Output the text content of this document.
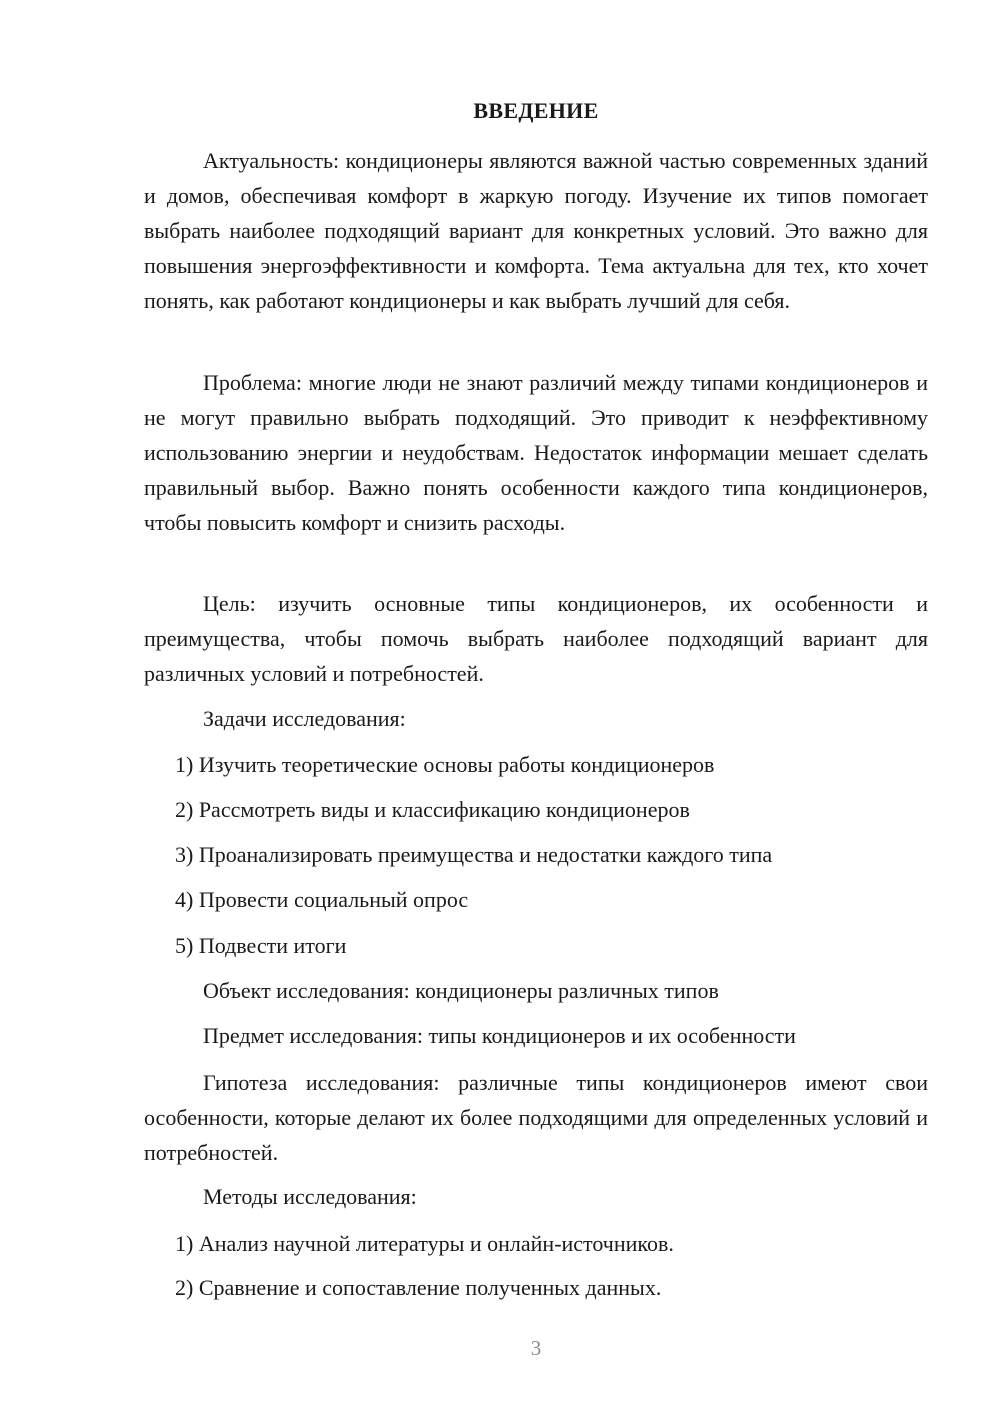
ВВЕДЕНИЕ

Актуальность: кондиционеры являются важной частью современных зданий и домов, обеспечивая комфорт в жаркую погоду. Изучение их типов помогает выбрать наиболее подходящий вариант для конкретных условий. Это важно для повышения энергоэффективности и комфорта. Тема актуальна для тех, кто хочет понять, как работают кондиционеры и как выбрать лучший для себя.

Проблема: многие люди не знают различий между типами кондиционеров и не могут правильно выбрать подходящий. Это приводит к неэффективному использованию энергии и неудобствам. Недостаток информации мешает сделать правильный выбор. Важно понять особенности каждого типа кондиционеров, чтобы повысить комфорт и снизить расходы.

Цель: изучить основные типы кондиционеров, их особенности и преимущества, чтобы помочь выбрать наиболее подходящий вариант для различных условий и потребностей.

Задачи исследования:
1) Изучить теоретические основы работы кондиционеров
2) Рассмотреть виды и классификацию кондиционеров
3) Проанализировать преимущества и недостатки каждого типа
4) Провести социальный опрос
5) Подвести итоги
Объект исследования: кондиционеры различных типов
Предмет исследования: типы кондиционеров и их особенности

Гипотеза исследования: различные типы кондиционеров имеют свои особенности, которые делают их более подходящими для определенных условий и потребностей.

Методы исследования:
1) Анализ научной литературы и онлайн-источников.
2) Сравнение и сопоставление полученных данных.
3
